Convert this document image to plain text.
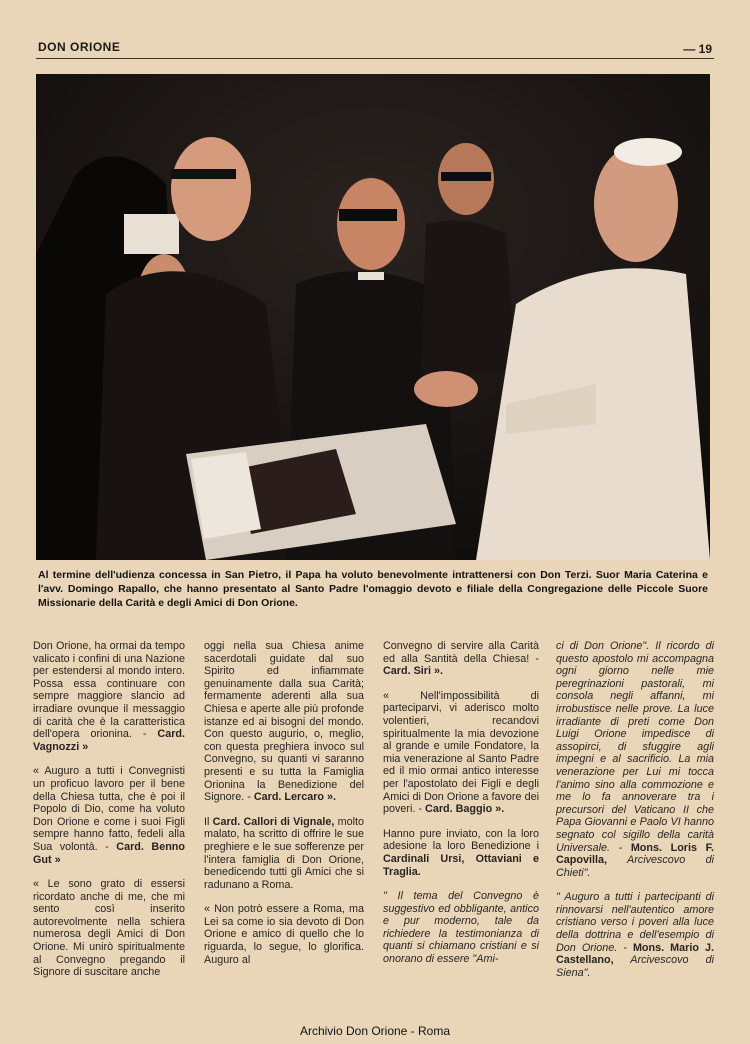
DON ORIONE	— 19
Al termine dell'udienza concessa in San Pietro, il Papa ha voluto benevolmente intrattenersi con Don Terzi. Suor Maria Caterina e l'avv. Domingo Rapallo, che hanno presentato al Santo Padre l'omaggio devoto e filiale della Congregazione delle Piccole Suore Missionarie della Carità e degli Amici di Don Orione.

Don Orione, ha ormai da tempo valicato i confini di una Nazione per estendersi al mondo intero. Possa essa continuare con sempre maggiore slancio ad irradiare ovunque il messaggio di carità che è la caratteristica dell'opera orionina. - Card. Vagnozzi »

« Auguro a tutti i Convegnisti un proficuo lavoro per il bene della Chiesa tutta, che è poi il Popolo di Dio, come ha voluto Don Orione e come i suoi Figli sempre hanno fatto, fedeli alla Sua volontà. - Card. Benno Gut »

« Le sono grato di essersi ricordato anche di me, che mi sento così inserito autorevolmente nella schiera numerosa degli Amici di Don Orione. Mi unirò spiritualmente al Convegno pregando il Signore di suscitare anche

oggi nella sua Chiesa anime sacerdotali guidate dal suo Spirito ed infiammate genuinamente dalla sua Carità; fermamente aderenti alla sua Chiesa e aperte alle più profonde istanze ed ai bisogni del mondo. Con questo augurio, o, meglio, con questa preghiera invoco sul Convegno, su quanti vi saranno presenti e su tutta la Famiglia Orionina la Benedizione del Signore. - Card. Lercaro ».

Il Card. Callori di Vignale, molto malato, ha scritto di offrire le sue preghiere e le sue sofferenze per l'intera famiglia di Don Orione, benedicendo tutti gli Amici che si radunano a Roma.

« Non potrò essere a Roma, ma Lei sa come io sia devoto di Don Orione e amico di quello che lo riguarda, lo segue, lo glorifica. Auguro al

Convegno di servire alla Carità ed alla Santità della Chiesa! - Card. Siri ».

« Nell'impossibilità di parteciparvi, vi aderisco molto volentieri, recandovi spiritualmente la mia devozione al grande e umile Fondatore, la mia venerazione al Santo Padre ed il mio ormai antico interesse per l'apostolato dei Figli e degli Amici di Don Orione a favore dei poveri. - Card. Baggio ».

Hanno pure inviato, con la loro adesione la loro Benedizione i Cardinali Ursi, Ottaviani e Traglia.

" Il tema del Convegno è suggestivo ed obbligante, antico e pur moderno, tale da richiedere la testimonianza di quanti si chiamano cristiani e si onorano di essere "Ami-

ci di Don Orione". Il ricordo di questo apostolo mi accompagna ogni giorno nelle mie peregrinazioni pastorali, mi consola negli affanni, mi irrobustisce nelle prove. La luce irradiante di preti come Don Luigi Orione impedisce di assopirci, di sfuggire agli impegni e al sacrificio. La mia venerazione per Lui mi tocca l'animo sino alla commozione e me lo fa annoverare tra i precursori del Vaticano II che Papa Giovanni e Paolo VI hanno segnato col sigillo della carità Universale. - Mons. Loris F. Capovilla, Arcivescovo di Chieti".

" Auguro a tutti i partecipanti di rinnovarsi nell'autentico amore cristiano verso i poveri alla luce della dottrina e dell'esempio di Don Orione. - Mons. Mario J. Castellano, Arcivescovo di Siena".

Archivio Don Orione - Roma
